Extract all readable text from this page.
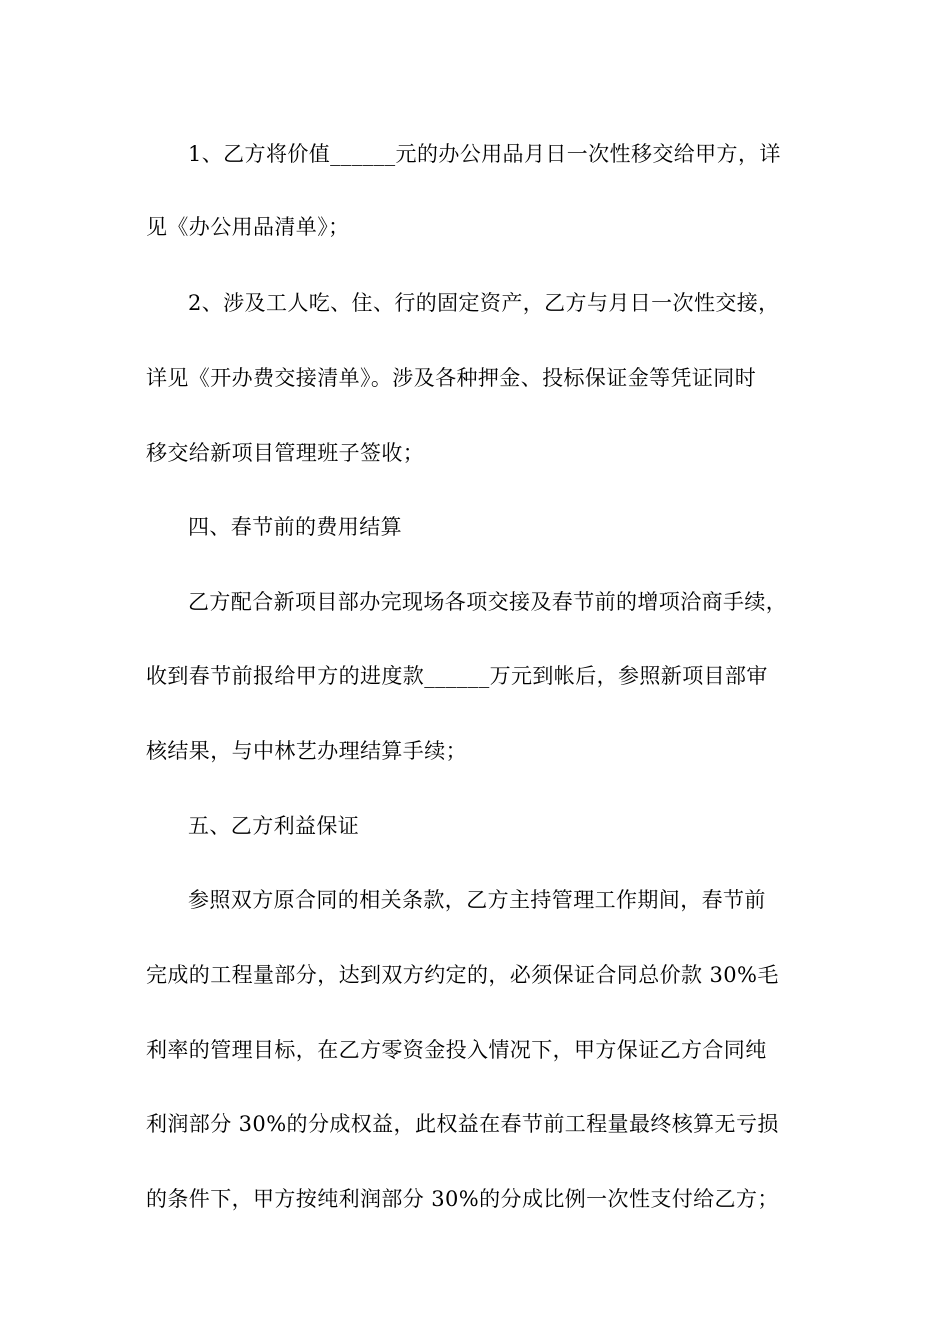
1、乙方将价值______元的办公用品月日一次性移交给甲方，详
见《办公用品清单》；
2、涉及工人吃、住、行的固定资产，乙方与月日一次性交接，
详见《开办费交接清单》。涉及各种押金、投标保证金等凭证同时
移交给新项目管理班子签收；
四、春节前的费用结算
乙方配合新项目部办完现场各项交接及春节前的增项洽商手续，
收到春节前报给甲方的进度款______万元到帐后，参照新项目部审
核结果，与中林艺办理结算手续；
五、乙方利益保证
参照双方原合同的相关条款，乙方主持管理工作期间，春节前
完成的工程量部分，达到双方约定的，必须保证合同总价款 30%毛
利率的管理目标，在乙方零资金投入情况下，甲方保证乙方合同纯
利润部分 30%的分成权益，此权益在春节前工程量最终核算无亏损
的条件下，甲方按纯利润部分 30%的分成比例一次性支付给乙方；
